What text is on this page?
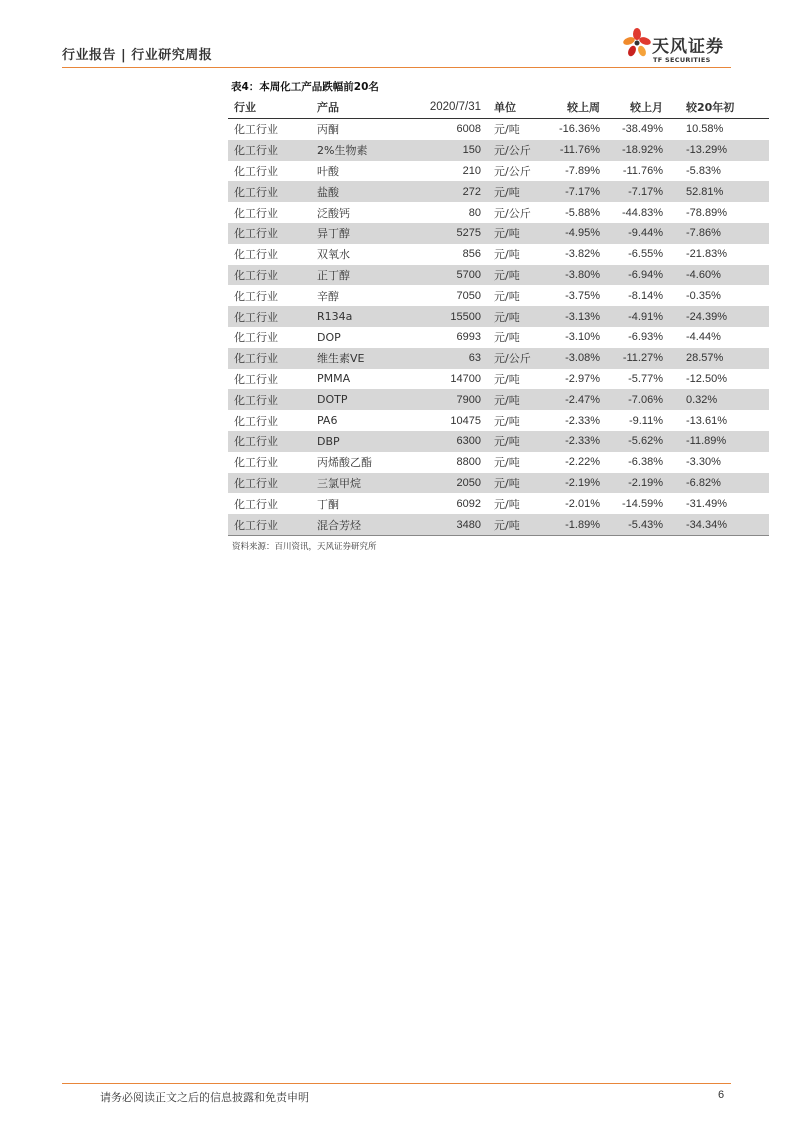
行业报告 | 行业研究周报	天风证券
TF SECURITIES
表4：本周化工产品跌幅前20名
行业	产品	2020/7/31 单位	较上周	较上月 较20年初
化工行业	丙酮	6008 元/吨	-16.36%	-38.49% 10.58%
化工行业	2%生物素	150 元/公斤	-11.76%	-18.92% -13.29%
化工行业	叶酸	210 元/公斤	-7.89%	-11.76% -5.83%
化工行业	盐酸	272 元/吨	-7.17%	-7.17% 52.81%
化工行业	泛酸钙	80 元/公斤	-5.88%	-44.83% -78.89%
化工行业	异丁醇	5275 元/吨	-4.95%	-9.44% -7.86%
化工行业	双氧水	856 元/吨	-3.82%	-6.55% -21.83%
化工行业	正丁醇	5700 元/吨	-3.80%	-6.94% -4.60%
化工行业	辛醇	7050 元/吨	-3.75%	-8.14% -0.35%
化工行业	R134a	15500 元/吨	-3.13%	-4.91% -24.39%
化工行业	DOP	6993 元/吨	-3.10%	-6.93% -4.44%
化工行业	维生素VE	63 元/公斤	-3.08%	-11.27% 28.57%
化工行业	PMMA	14700 元/吨	-2.97%	-5.77% -12.50%
化工行业	DOTP	7900 元/吨	-2.47%	-7.06% 0.32%
化工行业	PA6	10475 元/吨	-2.33%	-9.11% -13.61%
化工行业	DBP	6300 元/吨	-2.33%	-5.62% -11.89%
化工行业	丙烯酸乙酯	8800 元/吨	-2.22%	-6.38% -3.30%
化工行业	三氯甲烷	2050 元/吨	-2.19%	-2.19% -6.82%
化工行业	丁酮	6092 元/吨	-2.01%	-14.59% -31.49%
化工行业	混合芳烃	3480 元/吨	-1.89%	-5.43% -34.34%
资料来源：百川资讯，天风证券研究所
请务必阅读正文之后的信息披露和免责申明	6
